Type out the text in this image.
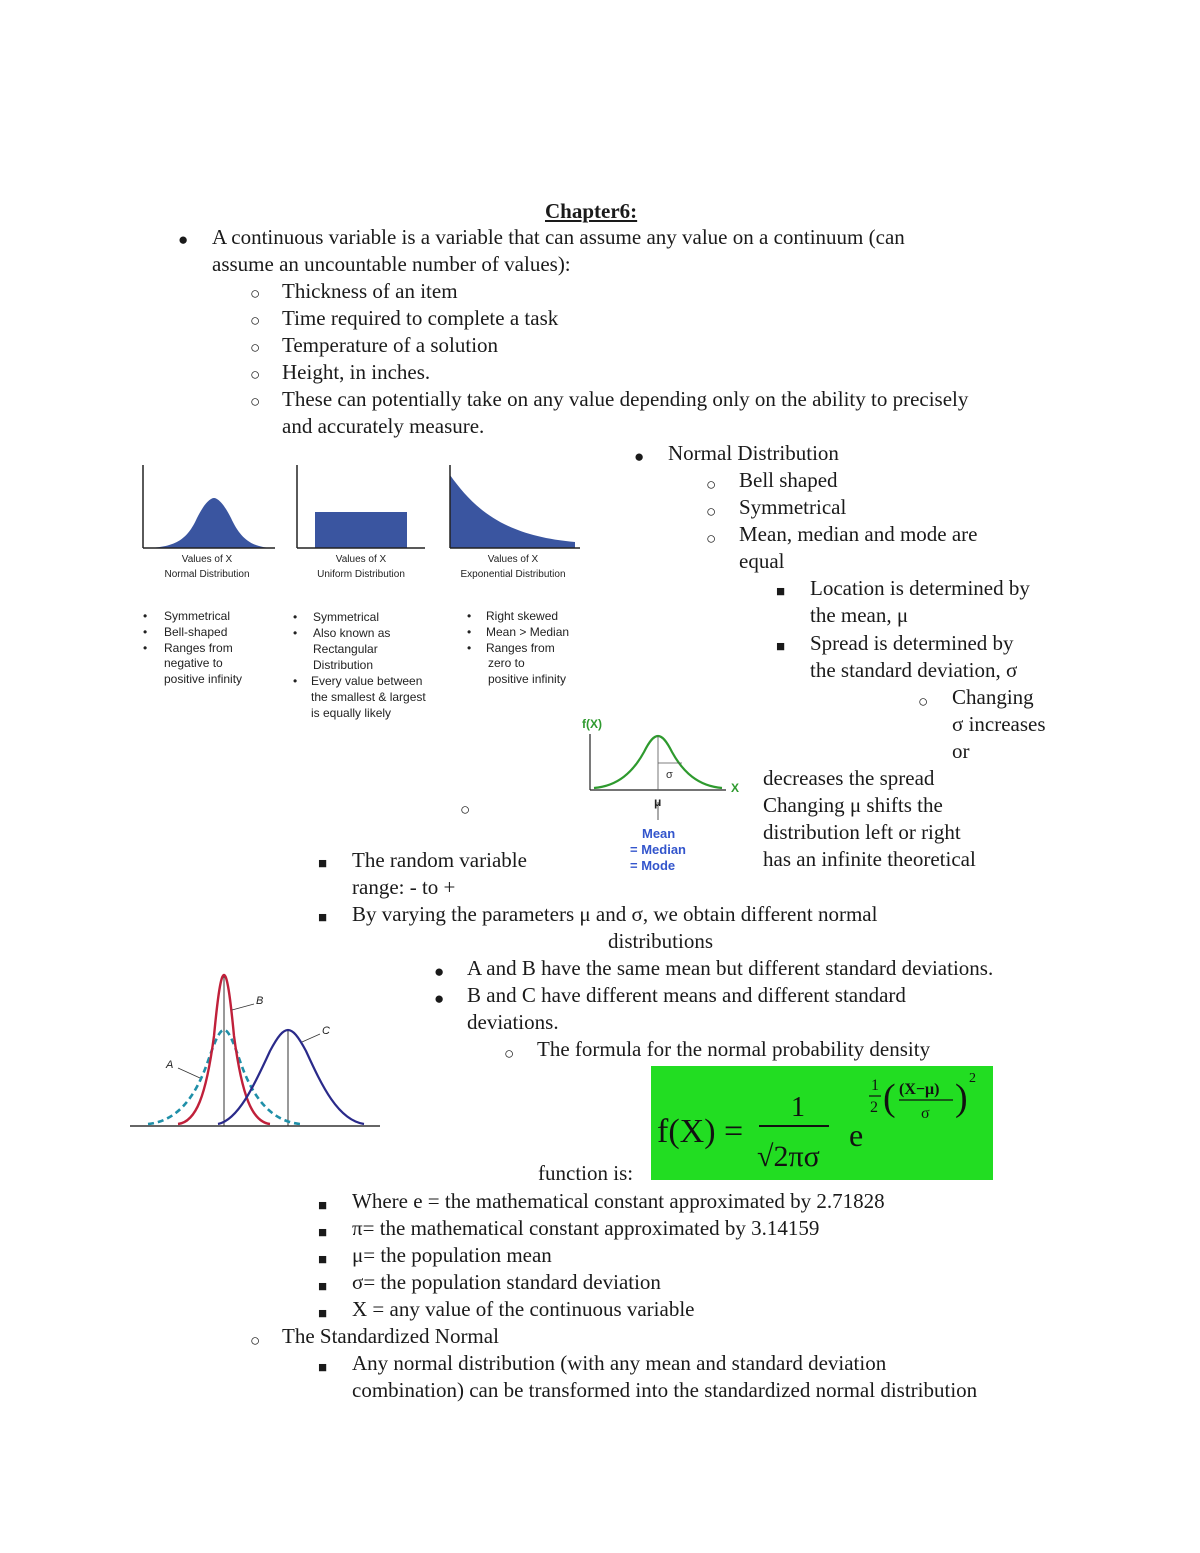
Chapter6:
● A continuous variable is a variable that can assume any value on a continuum (can
assume an uncountable number of values):
○ Thickness of an item
○ Time required to complete a task
○ Temperature of a solution
○ Height, in inches.
○ These can potentially take on any value depending only on the ability to precisely
and accurately measure.
Values of X
Normal Distribution
Values of X
Uniform Distribution
Values of X
Exponential Distribution
• Symmetrical
• Bell-shaped
• Ranges from
negative to
positive infinity
• Symmetrical
• Also known as
Rectangular
Distribution
• Every value between
the smallest & largest
is equally likely
• Right skewed
• Mean > Median
• Ranges from
zero to
positive infinity
● Normal Distribution
○ Bell shaped
○ Symmetrical
○ Mean, median and mode are
equal
■ Location is determined by
the mean, μ
■ Spread is determined by
the standard deviation, σ
○ Changing
σ increases
or
decreases the spread
Changing μ shifts the
distribution left or right
has an infinite theoretical
○
f(X)
X
σ
μ
Mean
= Median
= Mode
■ The random variable
range: - to +
■ By varying the parameters μ and σ, we obtain different normal
distributions
● A and B have the same mean but different standard deviations.
● B and C have different means and different standard
deviations.
○ The formula for the normal probability density
A
B
C
f(X) =
1
√2πσ
e
1
2 ( (X−μ)
σ ) 2
function is:
■ Where e = the mathematical constant approximated by 2.71828
■ π= the mathematical constant approximated by 3.14159
■ μ= the population mean
■ σ= the population standard deviation
■ X = any value of the continuous variable
○ The Standardized Normal
■ Any normal distribution (with any mean and standard deviation
combination) can be transformed into the standardized normal distribution
